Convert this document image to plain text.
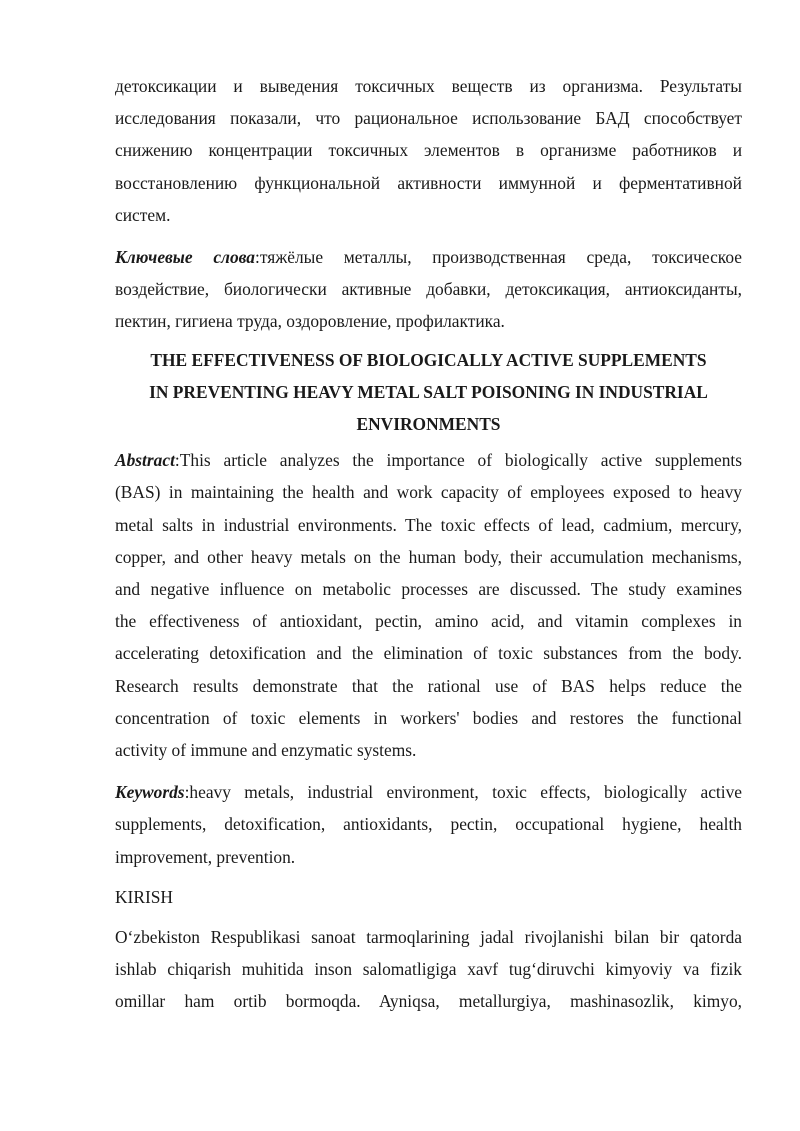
детоксикации и выведения токсичных веществ из организма. Результаты
исследования показали, что рациональное использование БАД способствует
снижению концентрации токсичных элементов в организме работников и
восстановлению функциональной активности иммунной и ферментативной
систем.

Ключевые слова:тяжёлые металлы, производственная среда, токсическое
воздействие, биологически активные добавки, детоксикация, антиоксиданты,
пектин, гигиена труда, оздоровление, профилактика.

THE EFFECTIVENESS OF BIOLOGICALLY ACTIVE SUPPLEMENTS
IN PREVENTING HEAVY METAL SALT POISONING IN INDUSTRIAL
ENVIRONMENTS

Abstract:This article analyzes the importance of biologically active supplements
(BAS) in maintaining the health and work capacity of employees exposed to heavy
metal salts in industrial environments. The toxic effects of lead, cadmium, mercury,
copper, and other heavy metals on the human body, their accumulation mechanisms,
and negative influence on metabolic processes are discussed. The study examines
the effectiveness of antioxidant, pectin, amino acid, and vitamin complexes in
accelerating detoxification and the elimination of toxic substances from the body.
Research results demonstrate that the rational use of BAS helps reduce the
concentration of toxic elements in workers' bodies and restores the functional
activity of immune and enzymatic systems.

Keywords:heavy metals, industrial environment, toxic effects, biologically active
supplements, detoxification, antioxidants, pectin, occupational hygiene, health
improvement, prevention.

KIRISH

O‘zbekiston Respublikasi sanoat tarmoqlarining jadal rivojlanishi bilan bir qatorda
ishlab chiqarish muhitida inson salomatligiga xavf tug‘diruvchi kimyoviy va fizik
omillar ham ortib bormoqda. Ayniqsa, metallurgiya, mashinasozlik, kimyo,
